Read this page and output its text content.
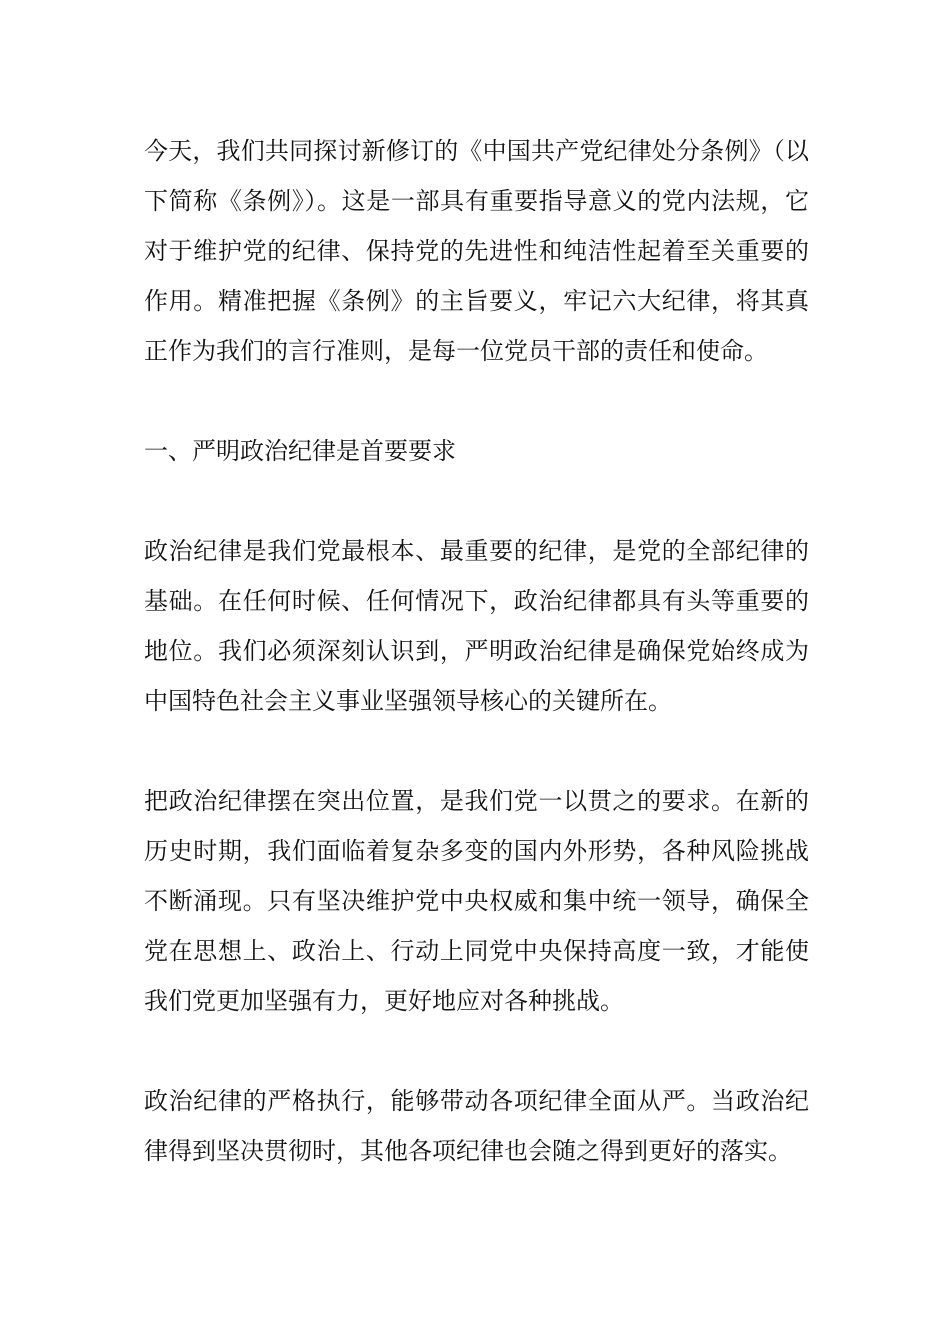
今天，我们共同探讨新修订的《中国共产党纪律处分条例》（以下简称《条例》）。这是一部具有重要指导意义的党内法规，它对于维护党的纪律、保持党的先进性和纯洁性起着至关重要的作用。精准把握《条例》的主旨要义，牢记六大纪律，将其真正作为我们的言行准则，是每一位党员干部的责任和使命。

一、严明政治纪律是首要要求

政治纪律是我们党最根本、最重要的纪律，是党的全部纪律的基础。在任何时候、任何情况下，政治纪律都具有头等重要的地位。我们必须深刻认识到，严明政治纪律是确保党始终成为中国特色社会主义事业坚强领导核心的关键所在。

把政治纪律摆在突出位置，是我们党一以贯之的要求。在新的历史时期，我们面临着复杂多变的国内外形势，各种风险挑战不断涌现。只有坚决维护党中央权威和集中统一领导，确保全党在思想上、政治上、行动上同党中央保持高度一致，才能使我们党更加坚强有力，更好地应对各种挑战。

政治纪律的严格执行，能够带动各项纪律全面从严。当政治纪律得到坚决贯彻时，其他各项纪律也会随之得到更好的落实。
